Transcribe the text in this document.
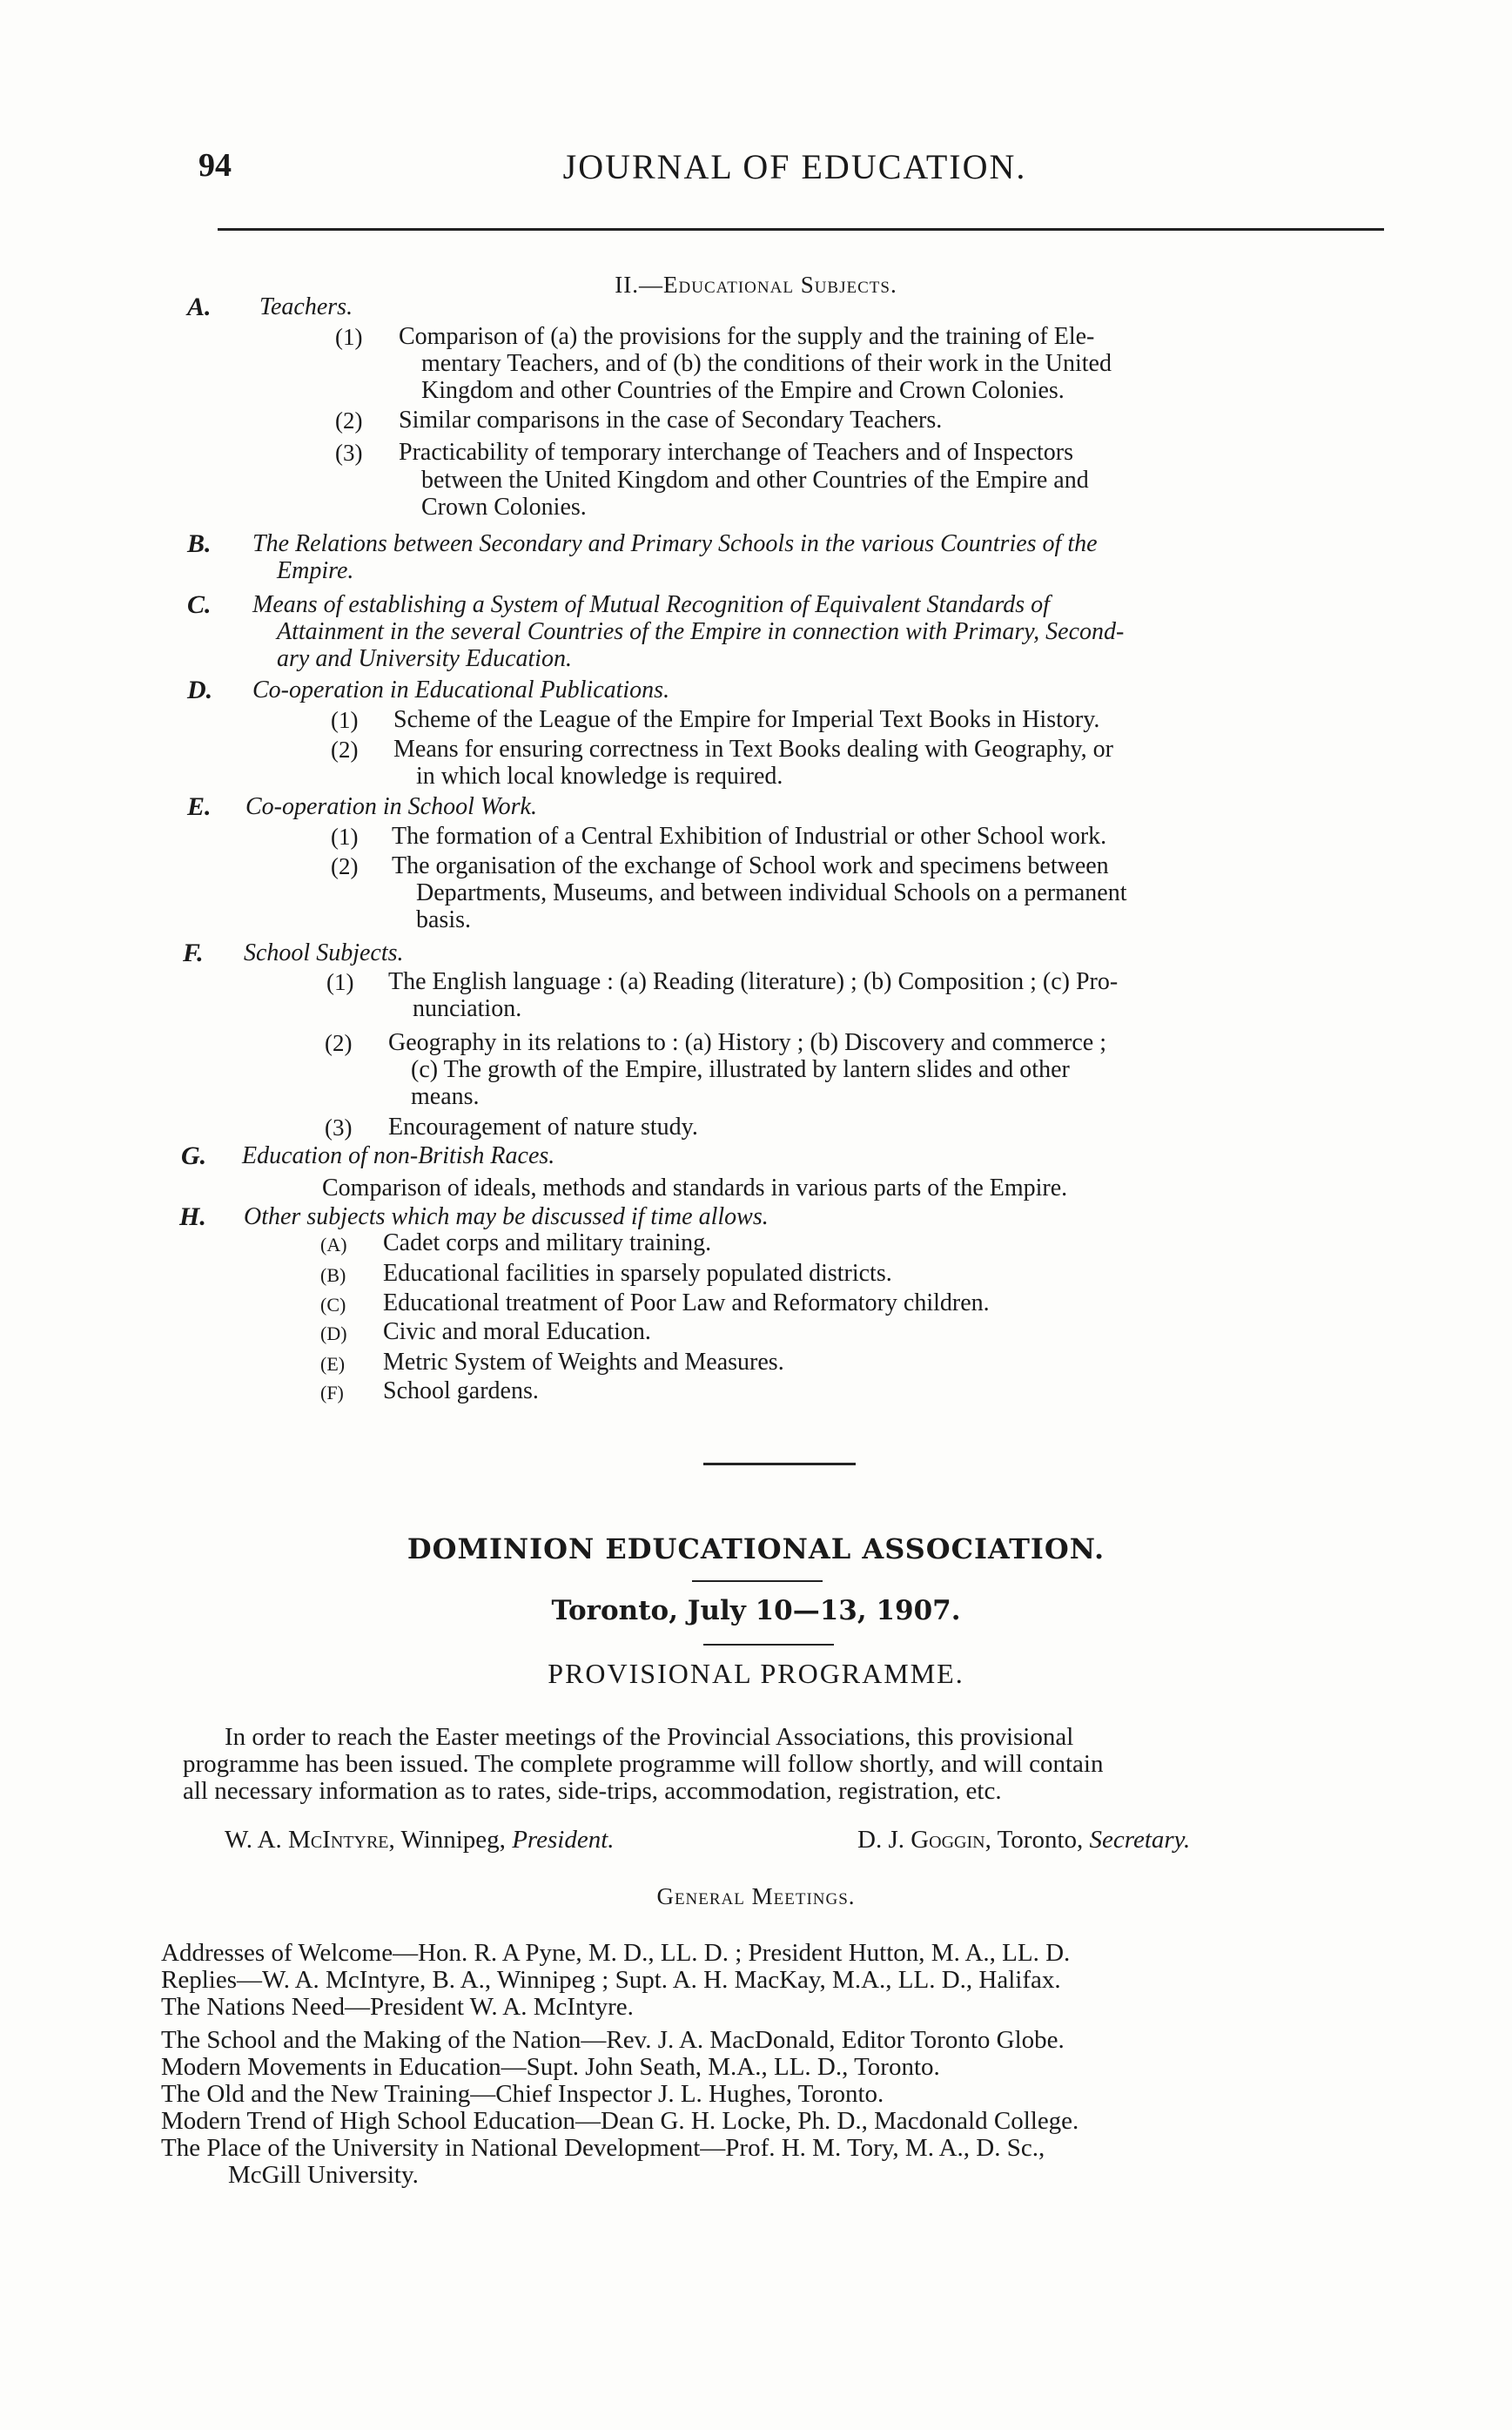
94	JOURNAL OF EDUCATION.
II.—Educational Subjects.
A. Teachers.
(1) Comparison of (a) the provisions for the supply and the training of Ele-
mentary Teachers, and of (b) the conditions of their work in the United
Kingdom and other Countries of the Empire and Crown Colonies.
(2) Similar comparisons in the case of Secondary Teachers.
(3) Practicability of temporary interchange of Teachers and of Inspectors
between the United Kingdom and other Countries of the Empire and
Crown Colonies.
B. The Relations between Secondary and Primary Schools in the various Countries of the
Empire.
C. Means of establishing a System of Mutual Recognition of Equivalent Standards of
Attainment in the several Countries of the Empire in connection with Primary, Second-
ary and University Education.
D. Co-operation in Educational Publications.
(1) Scheme of the League of the Empire for Imperial Text Books in History.
(2) Means for ensuring correctness in Text Books dealing with Geography, or
in which local knowledge is required.
E. Co-operation in School Work.
(1) The formation of a Central Exhibition of Industrial or other School work.
(2) The organisation of the exchange of School work and specimens between
Departments, Museums, and between individual Schools on a permanent
basis.
F. School Subjects.
(1) The English language : (a) Reading (literature) ; (b) Composition ; (c) Pro-
nunciation.
(2) Geography in its relations to : (a) History ; (b) Discovery and commerce ;
(c) The growth of the Empire, illustrated by lantern slides and other
means.
(3) Encouragement of nature study.
G. Education of non-British Races.
Comparison of ideals, methods and standards in various parts of the Empire.
H. Other subjects which may be discussed if time allows.
(A) Cadet corps and military training.
(B) Educational facilities in sparsely populated districts.
(C) Educational treatment of Poor Law and Reformatory children.
(D) Civic and moral Education.
(E) Metric System of Weights and Measures.
(F) School gardens.
DOMINION EDUCATIONAL ASSOCIATION.
Toronto, July 10—13, 1907.
PROVISIONAL PROGRAMME.
In order to reach the Easter meetings of the Provincial Associations, this provisional
programme has been issued. The complete programme will follow shortly, and will contain
all necessary information as to rates, side-trips, accommodation, registration, etc.
W. A. McIntyre, Winnipeg, President.	D. J. Goggin, Toronto, Secretary.
General Meetings.
Addresses of Welcome—Hon. R. A Pyne, M. D., LL. D. ; President Hutton, M. A., LL. D.
Replies—W. A. McIntyre, B. A., Winnipeg ; Supt. A. H. MacKay, M.A., LL. D., Halifax.
The Nations Need—President W. A. McIntyre.
The School and the Making of the Nation—Rev. J. A. MacDonald, Editor Toronto Globe.
Modern Movements in Education—Supt. John Seath, M.A., LL. D., Toronto.
The Old and the New Training—Chief Inspector J. L. Hughes, Toronto.
Modern Trend of High School Education—Dean G. H. Locke, Ph. D., Macdonald College.
The Place of the University in National Development—Prof. H. M. Tory, M. A., D. Sc.,
McGill University.
